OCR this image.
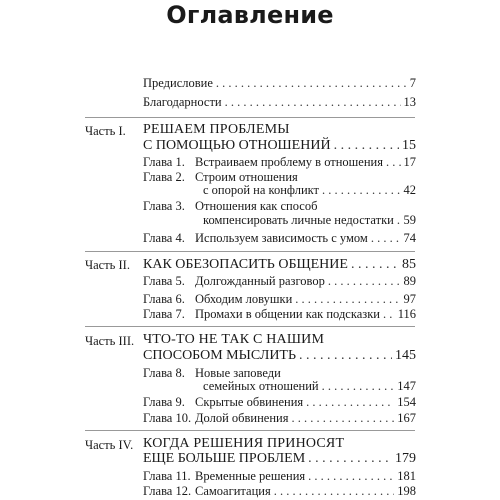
Оглавление
Предисловие . . .	7
Благодарности . . .	13
Часть I. РЕШАЕМ ПРОБЛЕМЫ
С ПОМОЩЬЮ ОТНОШЕНИЙ . . .	15
Глава 1. Встраиваем проблему в отношения . . . 17
Глава 2. Строим отношения
с опорой на конфликт . . .	42
Глава 3. Отношения как способ
компенсировать личные недостатки . . . 59
Глава 4. Используем зависимость с умом . . .	74
Часть II. КАК ОБЕЗОПАСИТЬ ОБЩЕНИЕ . . .	85
Глава 5. Долгожданный разговор . . .	89
Глава 6. Обходим ловушки . . .	97
Глава 7. Промахи в общении как подсказки . . . 116
Часть III. ЧТО-ТО НЕ ТАК С НАШИМ
СПОСОБОМ МЫСЛИТЬ . . .	145
Глава 8. Новые заповеди
семейных отношений . . .	147
Глава 9. Скрытые обвинения . . .	154
Глава 10. Долой обвинения . . .	167
Часть IV. КОГДА РЕШЕНИЯ ПРИНОСЯТ
ЕЩЕ БОЛЬШЕ ПРОБЛЕМ . . .	179
Глава 11. Временные решения . . .	181
Глава 12. Самоагитация . . .	198
